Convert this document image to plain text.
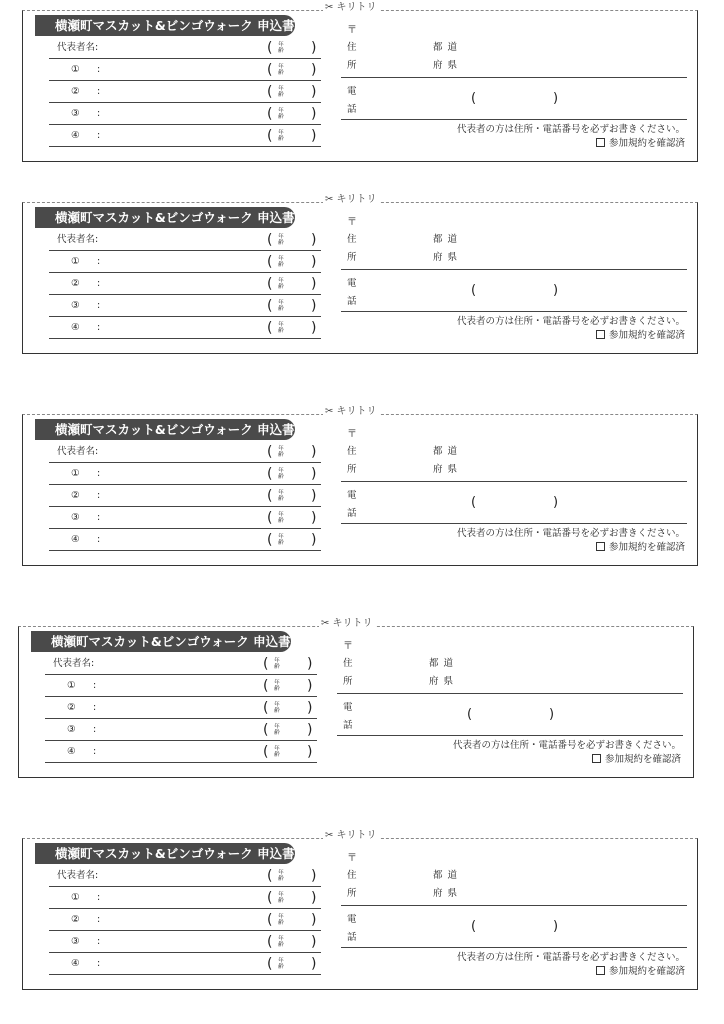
✂ キリトリ
横瀬町マスカット&ビンゴウォーク 申込書
代表者名:	( 年齢 )
① :	( 年齢 )
② :	( 年齢 )
③ :	( 年齢 )
④ :	( 年齢 )
〒
住
所
都道
府県
電
話
(	)
代表者の方は住所・電話番号を必ずお書きください。
参加規約を確認済
✂ キリトリ
横瀬町マスカット&ビンゴウォーク 申込書
代表者名:	( 年齢 )
① :	( 年齢 )
② :	( 年齢 )
③ :	( 年齢 )
④ :	( 年齢 )
〒
住
所
都道
府県
電
話
(	)
代表者の方は住所・電話番号を必ずお書きください。
参加規約を確認済
✂ キリトリ
横瀬町マスカット&ビンゴウォーク 申込書
代表者名:	( 年齢 )
① :	( 年齢 )
② :	( 年齢 )
③ :	( 年齢 )
④ :	( 年齢 )
〒
住
所
都道
府県
電
話
(	)
代表者の方は住所・電話番号を必ずお書きください。
参加規約を確認済
✂ キリトリ
横瀬町マスカット&ビンゴウォーク 申込書
代表者名:	( 年齢 )
① :	( 年齢 )
② :	( 年齢 )
③ :	( 年齢 )
④ :	( 年齢 )
〒
住
所
都道
府県
電
話
(	)
代表者の方は住所・電話番号を必ずお書きください。
参加規約を確認済
✂ キリトリ
横瀬町マスカット&ビンゴウォーク 申込書
代表者名:	( 年齢 )
① :	( 年齢 )
② :	( 年齢 )
③ :	( 年齢 )
④ :	( 年齢 )
〒
住
所
都道
府県
電
話
(	)
代表者の方は住所・電話番号を必ずお書きください。
参加規約を確認済
